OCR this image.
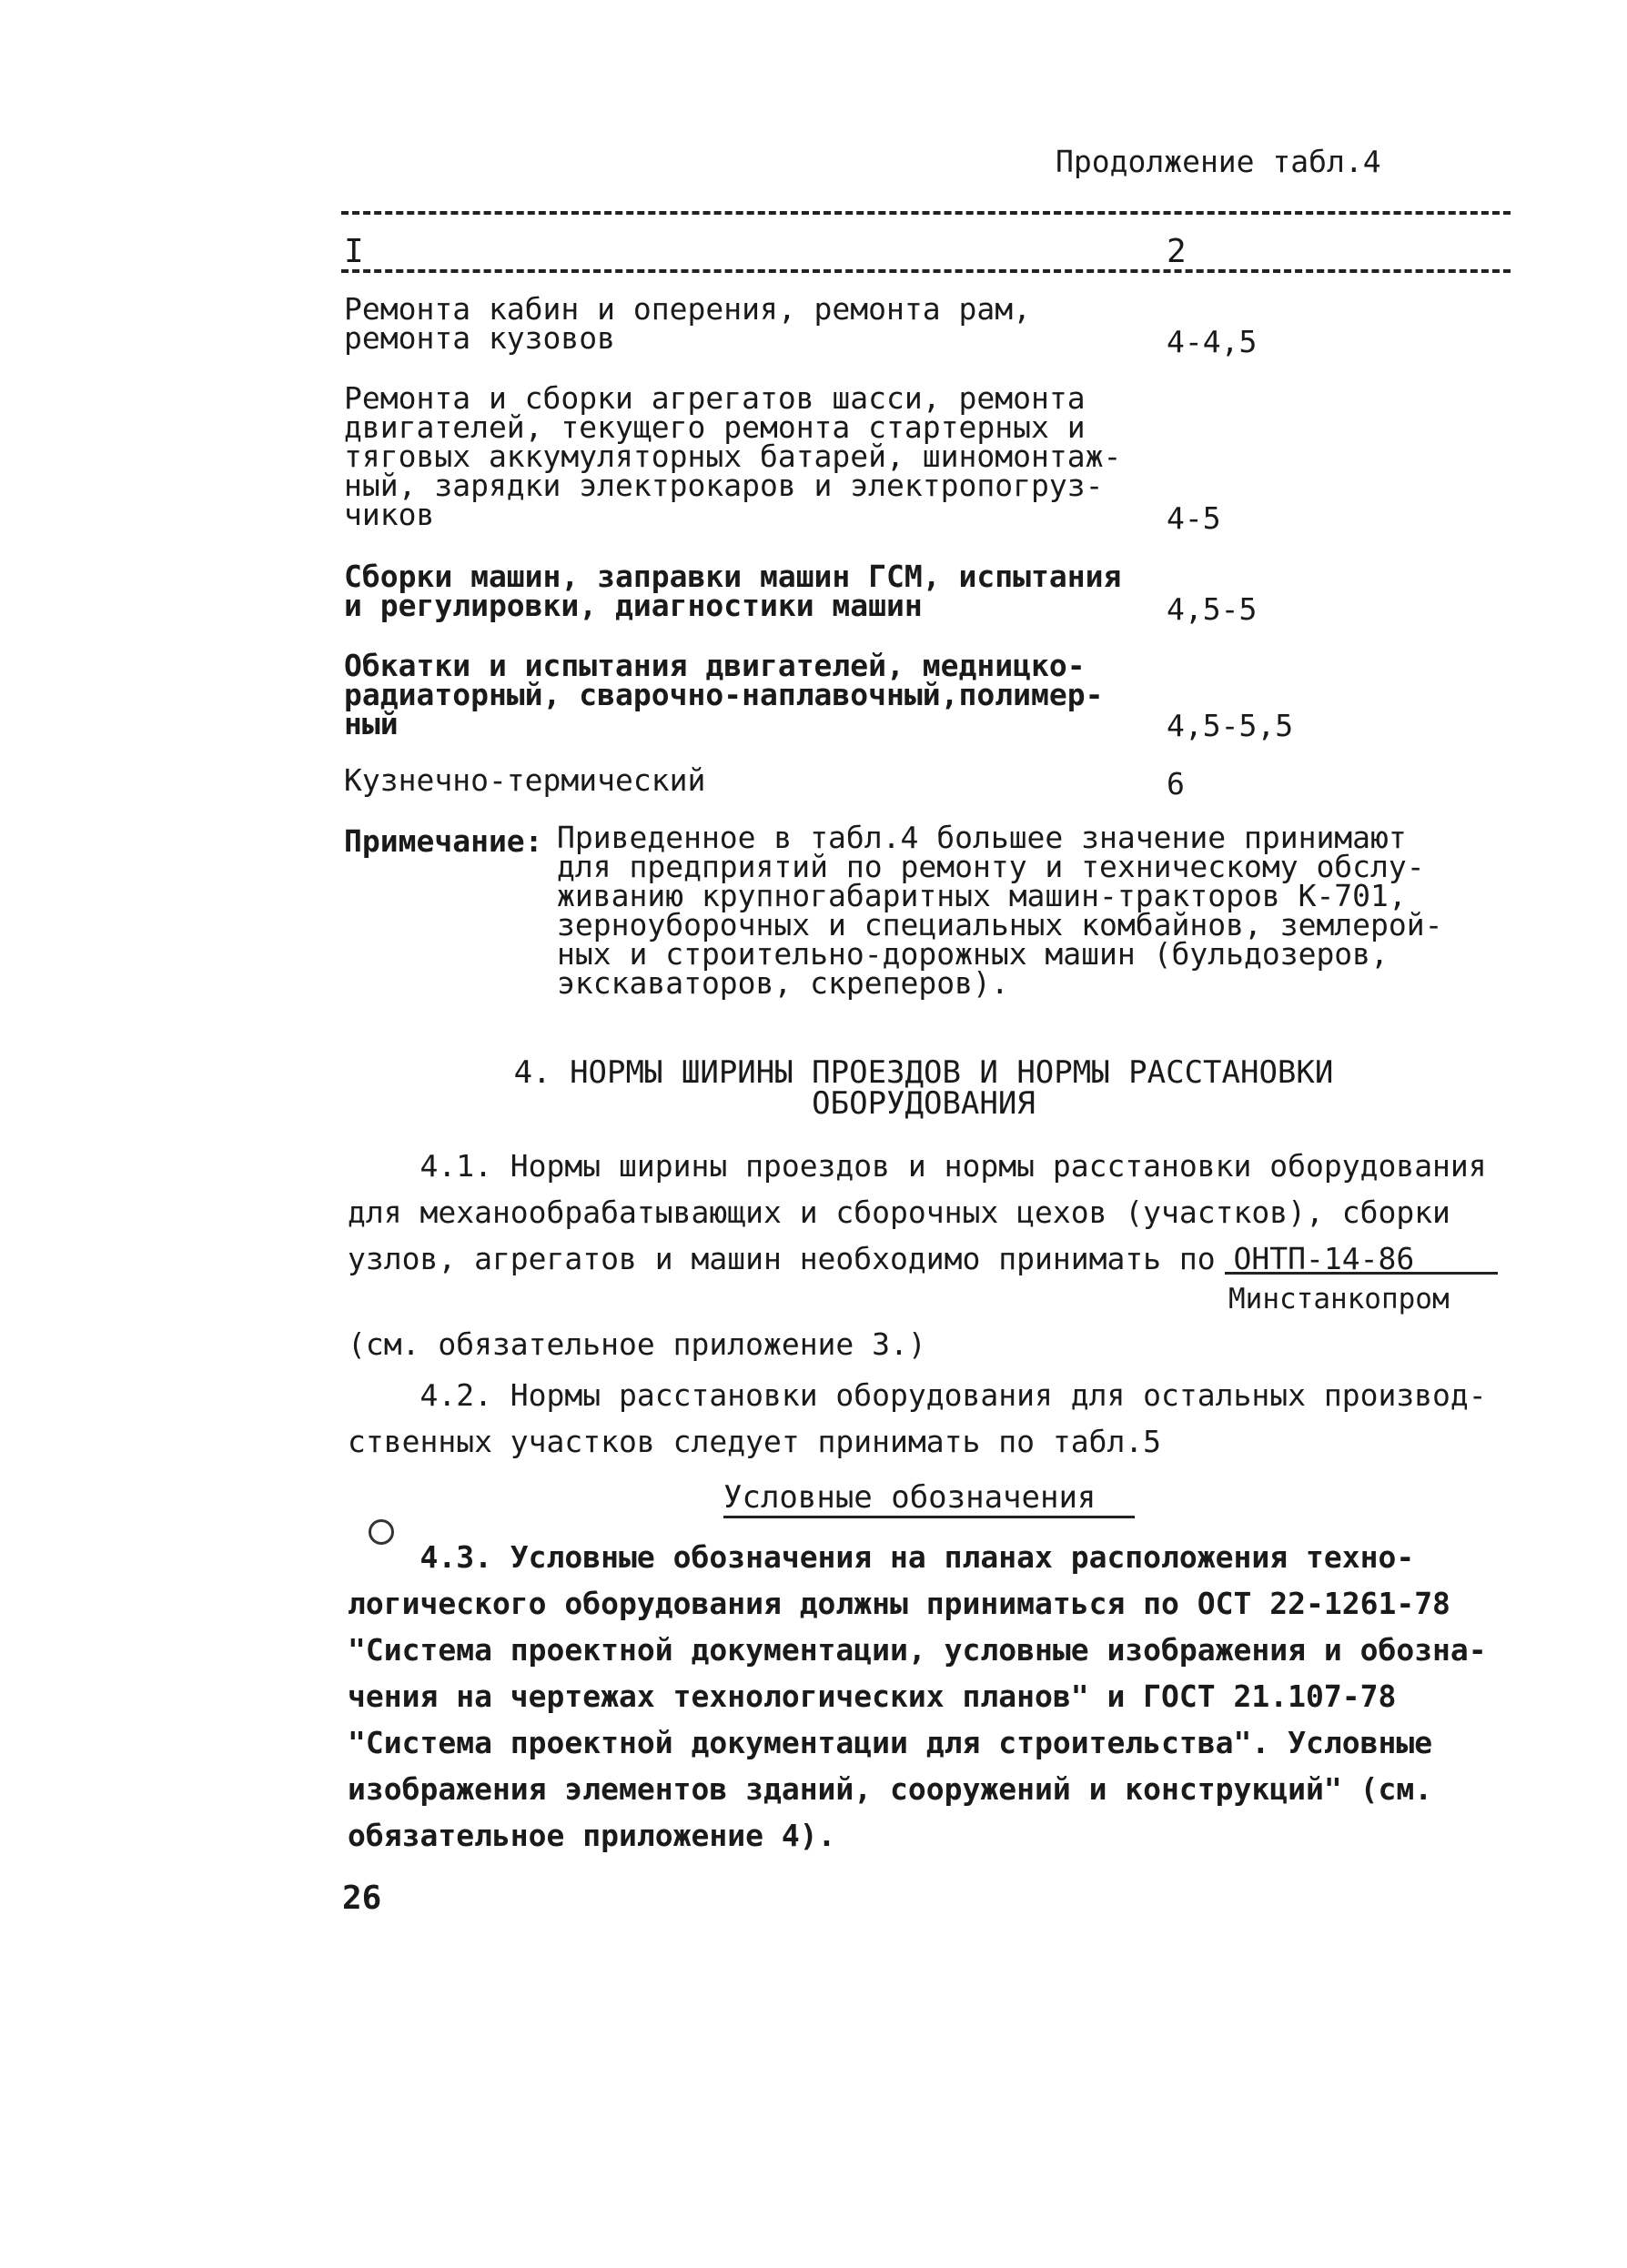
Продолжение табл.4
I	2
Ремонта кабин и оперения, ремонта рам,
ремонта кузовов	4-4,5
Ремонта и сборки агрегатов шасси, ремонта
двигателей, текущего ремонта стартерных и
тяговых аккумуляторных батарей, шиномонтаж-
ный, зарядки электрокаров и электропогруз-
чиков	4-5
Сборки машин, заправки машин ГСМ, испытания
и регулировки, диагностики машин	4,5-5
Обкатки и испытания двигателей, медницко-
радиаторный, сварочно-наплавочный,полимер-
ный	4,5-5,5
Кузнечно-термический	6
Примечание: Приведенное в табл.4 большее значение принимают
для предприятий по ремонту и техническому обслу-
живанию крупногабаритных машин-тракторов К-701,
зерноуборочных и специальных комбайнов, землерой-
ных и строительно-дорожных машин (бульдозеров,
экскаваторов, скреперов).
4. НОРМЫ ШИРИНЫ ПРОЕЗДОВ И НОРМЫ РАССТАНОВКИ
ОБОРУДОВАНИЯ
4.1. Нормы ширины проездов и нормы расстановки оборудования
для механообрабатывающих и сборочных цехов (участков), сборки
узлов, агрегатов и машин необходимо принимать по ОНТП-14-86
Минстанкопром
(см. обязательное приложение 3.)
4.2. Нормы расстановки оборудования для остальных производ-
ственных участков следует принимать по табл.5
Условные обозначения
4.3. Условные обозначения на планах расположения техно-
логического оборудования должны приниматься по ОСТ 22-1261-78
"Система проектной документации, условные изображения и обозна-
чения на чертежах технологических планов" и ГОСТ 21.107-78
"Система проектной документации для строительства". Условные
изображения элементов зданий, сооружений и конструкций" (см.
обязательное приложение 4).
26
